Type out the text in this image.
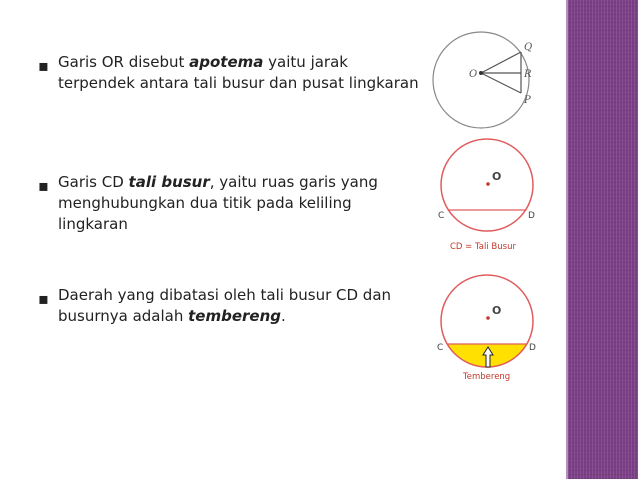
▪ Garis OR disebut apotema yaitu jarak terpendek antara tali busur dan pusat lingkaran
▪ Garis CD tali busur, yaitu ruas garis yang menghubungkan dua titik pada keliling lingkaran
▪ Daerah yang dibatasi oleh tali busur CD dan busurnya adalah tembereng.
O
Q
R
P
O
C	D
CD = Tali Busur
O
C	D
Tembereng
